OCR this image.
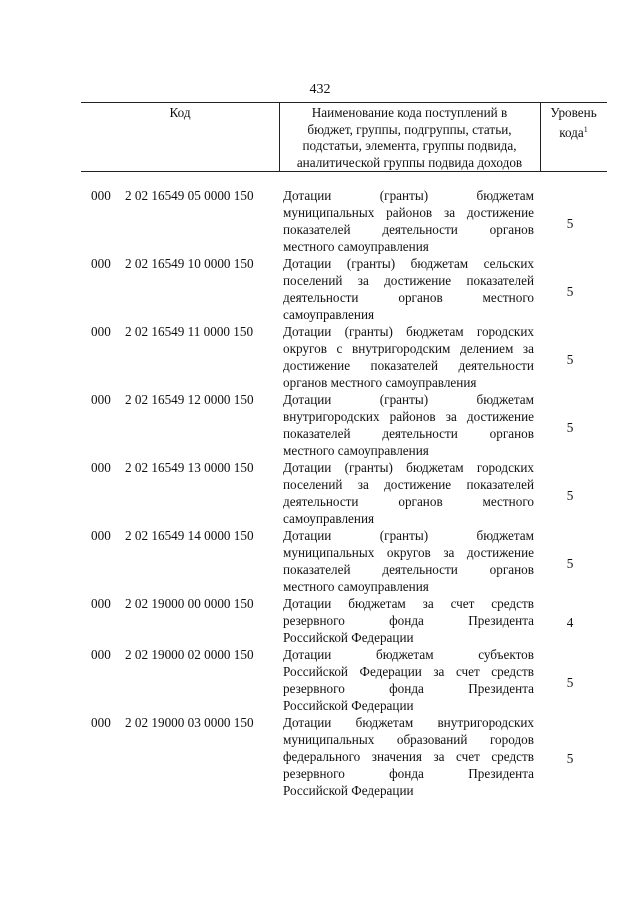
432
Код	Наименование кода поступлений в
бюджет, группы, подгруппы, статьи,
подстатьи, элемента, группы подвида,
аналитической группы подвида доходов
Уровень
кода$^1$
000 2 02 16549 05 0000 150 Дотации (гранты) бюджетам
муниципальных районов за достижение
показателей деятельности органов
местного самоуправления
5
000 2 02 16549 10 0000 150 Дотации (гранты) бюджетам сельских
поселений за достижение показателей
деятельности органов местного
самоуправления
5
000 2 02 16549 11 0000 150 Дотации (гранты) бюджетам городских
округов с внутригородским делением за
достижение показателей деятельности
органов местного самоуправления
5
000 2 02 16549 12 0000 150 Дотации (гранты) бюджетам
внутригородских районов за достижение
показателей деятельности органов
местного самоуправления
5
000 2 02 16549 13 0000 150 Дотации (гранты) бюджетам городских
поселений за достижение показателей
деятельности органов местного
самоуправления
5
000 2 02 16549 14 0000 150 Дотации (гранты) бюджетам
муниципальных округов за достижение
показателей деятельности органов
местного самоуправления
5
000 2 02 19000 00 0000 150 Дотации бюджетам за счет средств
резервного фонда Президента
Российской Федерации
4
000 2 02 19000 02 0000 150 Дотации бюджетам субъектов
Российской Федерации за счет средств
резервного фонда Президента
Российской Федерации
5
000 2 02 19000 03 0000 150 Дотации бюджетам внутригородских
муниципальных образований городов
федерального значения за счет средств
резервного фонда Президента
Российской Федерации
5
